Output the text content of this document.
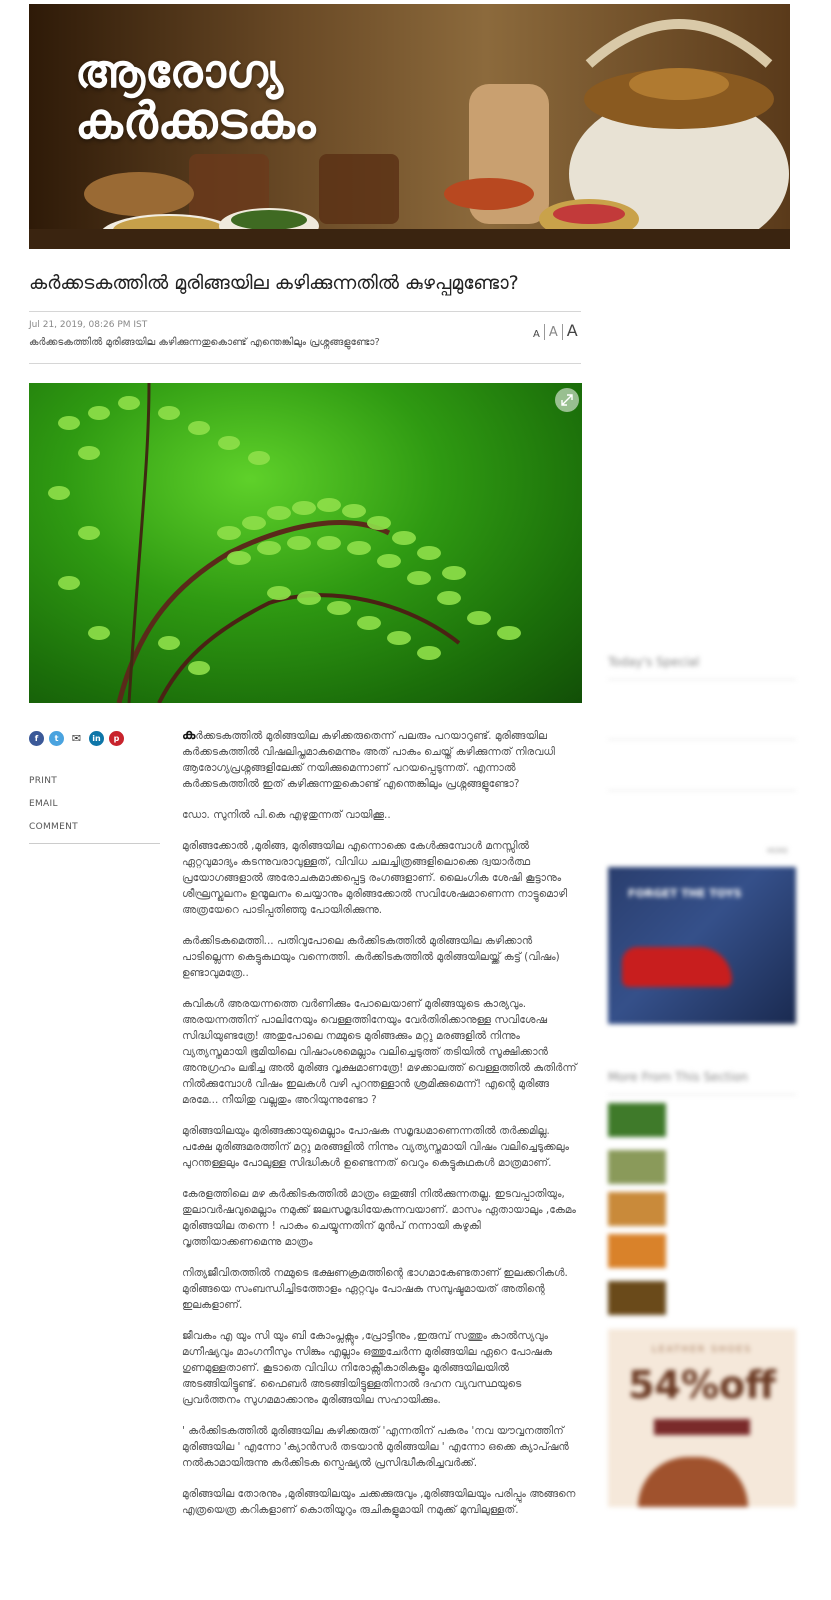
ആരോഗ്യ
കർക്കടകം
കർക്കടകത്തിൽ മുരിങ്ങയില കഴിക്കുന്നതിൽ കുഴപ്പമുണ്ടോ?
Jul 21, 2019, 08:26 PM IST
കർക്കടകത്തിൽ മുരിങ്ങയില കഴിക്കുന്നതുകൊണ്ട് എന്തെങ്കിലും പ്രശ്നങ്ങളുണ്ടോ?
A A A
f	t	✉	in	p
PRINT
EMAIL
COMMENT

കർക്കടകത്തിൽ മുരിങ്ങയില കഴിക്കരുതെന്ന് പലരും പറയാറുണ്ട്. മുരിങ്ങയില കർക്കടകത്തിൽ വിഷലിപ്തമാകുമെന്നും അത് പാകം ചെയ്ത് കഴിക്കുന്നത് നിരവധി ആരോഗ്യപ്രശ്നങ്ങളിലേക്ക് നയിക്കുമെന്നാണ് പറയപ്പെടുന്നത്. എന്നാൽ കർക്കടകത്തിൽ ഇത് കഴിക്കുന്നതുകൊണ്ട് എന്തെങ്കിലും പ്രശ്നങ്ങളുണ്ടോ?

ഡോ. സുനിൽ പി.കെ എഴുതുന്നത് വായിക്കൂ..

മുരിങ്ങക്കോൽ ,മുരിങ്ങ, മുരിങ്ങയില എന്നൊക്കെ കേൾക്കുമ്പോൾ മനസ്സിൽ ഏറ്റവുമാദ്യം കടന്നുവരാവുള്ളത്, വിവിധ ചലച്ചിത്രങ്ങളിലൊക്കെ ദ്വയാർത്ഥ പ്രയോഗങ്ങളാൽ അരോചകമാക്കപ്പെട്ട രംഗങ്ങളാണ്. ലൈംഗിക ശേഷി കൂട്ടാനും ശീഘ്രസ്ഖലനം ഉന്മൂലനം ചെയ്യാനും മുരിങ്ങക്കോൽ സവിശേഷമാണെന്ന നാട്ടുമൊഴി അത്രയേറെ പാടിപ്പതിഞ്ഞു പോയിരിക്കുന്നു.

കർക്കിടകമെത്തി... പതിവുപോലെ കർക്കിടകത്തിൽ മുരിങ്ങയില കഴിക്കാൻ പാടില്ലെന്ന കെട്ടുകഥയും വന്നെത്തി. കർക്കിടകത്തിൽ മുരിങ്ങയിലയ്ക്ക് കട്ട് (വിഷം) ഉണ്ടാവുമത്രേ..

കവികൾ അരയന്നത്തെ വർണിക്കും പോലെയാണ് മുരിങ്ങയുടെ കാര്യവും. അരയന്നത്തിന് പാലിനേയും വെള്ളത്തിനേയും വേർതിരിക്കാനുള്ള സവിശേഷ സിദ്ധിയുണ്ടത്രേ! അതുപോലെ നമ്മുടെ മുരിങ്ങക്കും മറ്റു മരങ്ങളിൽ നിന്നും വ്യത്യസ്തമായി ഭൂമിയിലെ വിഷാംശമെല്ലാം വലിച്ചെടുത്ത് തടിയിൽ സൂക്ഷിക്കാൻ അനുഗ്രഹം ലഭിച്ച അൽ മുരിങ്ങ വൃക്ഷമാണത്രേ! മഴക്കാലത്ത് വെള്ളത്തിൽ കുതിർന്ന് നിൽക്കുമ്പോൾ വിഷം ഇലകൾ വഴി പുറന്തള്ളാൻ ശ്രമിക്കുമെന്ന്! എന്റെ മുരിങ്ങ മരമേ... നീയിതു വല്ലതും അറിയുന്നുണ്ടോ ?

മുരിങ്ങയിലയും മുരിങ്ങക്കായുമെല്ലാം പോഷക സമൃദ്ധമാണെന്നതിൽ തർക്കമില്ല. പക്ഷേ മുരിങ്ങമരത്തിന് മറ്റു മരങ്ങളിൽ നിന്നും വ്യത്യസ്തമായി വിഷം വലിച്ചെടുക്കലും പുറന്തള്ളലും പോലുള്ള സിദ്ധികൾ ഉണ്ടെന്നത് വെറും കെട്ടുകഥകൾ മാത്രമാണ്.

കേരളത്തിലെ മഴ കർക്കിടകത്തിൽ മാത്രം ഒതുങ്ങി നിൽക്കുന്നതല്ല. ഇടവപ്പാതിയും, തുലാവർഷവുമെല്ലാം നമുക്ക് ജലസമൃദ്ധിയേകുന്നവയാണ്. മാസം ഏതായാലും ,കേമം മുരിങ്ങയില തന്നെ ! പാകം ചെയ്യുന്നതിന് മുൻപ് നന്നായി കഴുകി വൃത്തിയാക്കണമെന്നു മാത്രം

നിത്യജീവിതത്തിൽ നമ്മുടെ ഭക്ഷണക്രമത്തിന്റെ ഭാഗമാകേണ്ടതാണ് ഇലക്കറികൾ. മുരിങ്ങയെ സംബന്ധിച്ചിടത്തോളം ഏറ്റവും പോഷക സമ്പുഷ്ടമായത് അതിന്റെ ഇലകളാണ്.

ജീവകം എ യും സി യും ബി കോംപ്ലക്സും ,പ്രോട്ടീനും ,ഇരുമ്പ് സത്തും കാൽസ്യവും മഗ്നീഷ്യവും മാംഗനീസും സിങ്കും എല്ലാം ഒത്തുചേർന്ന മുരിങ്ങയില ഏറെ പോഷക ഗുണമുള്ളതാണ്. കൂടാതെ വിവിധ നിരോക്സീകാരികളും മുരിങ്ങയിലയിൽ അടങ്ങിയിട്ടുണ്ട്. ഫൈബർ അടങ്ങിയിട്ടുള്ളതിനാൽ ദഹന വ്യവസ്ഥയുടെ പ്രവർത്തനം സുഗമമാക്കാനും മുരിങ്ങയില സഹായിക്കും.

' കർക്കിടകത്തിൽ മുരിങ്ങയില കഴിക്കരുത് 'എന്നതിന് പകരം 'നവ യൗവ്വനത്തിന് മുരിങ്ങയില ' എന്നോ 'ക്യാൻസർ തടയാൻ മുരിങ്ങയില ' എന്നോ ഒക്കെ ക്യാപ്ഷൻ നൽകാമായിരുന്നു കർക്കിടക സ്പെഷ്യൽ പ്രസിദ്ധീകരിച്ചവർക്ക്.

മുരിങ്ങയില തോരനും ,മുരിങ്ങയിലയും ചക്കക്കുരുവും ,മുരിങ്ങയിലയും പരിപ്പും അങ്ങനെ എത്രയെത്ര കറികളാണ് കൊതിയൂറും രുചികളുമായി നമുക്ക് മുമ്പിലുള്ളത്.

Today's Special

MORE
FORGET THE TOYS
More From This Section

LEATHER SHOES
54%off
